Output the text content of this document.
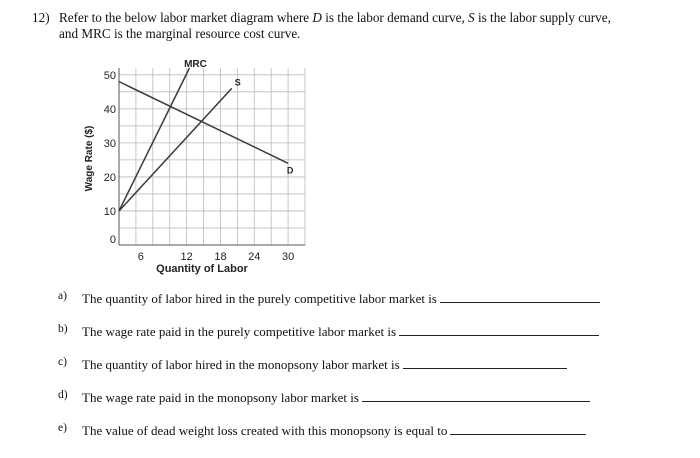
12) Refer to the below labor market diagram where D is the labor demand curve, S is the labor supply curve,
and MRC is the marginal resource cost curve.
50
40
30
20
10
0
6	12 18 24 30
Quantity of Labor
Wage Rate ($)
MRC
S
D
a) The quantity of labor hired in the purely competitive labor market is
b) The wage rate paid in the purely competitive labor market is
c) The quantity of labor hired in the monopsony labor market is
d) The wage rate paid in the monopsony labor market is
e) The value of dead weight loss created with this monopsony is equal to
